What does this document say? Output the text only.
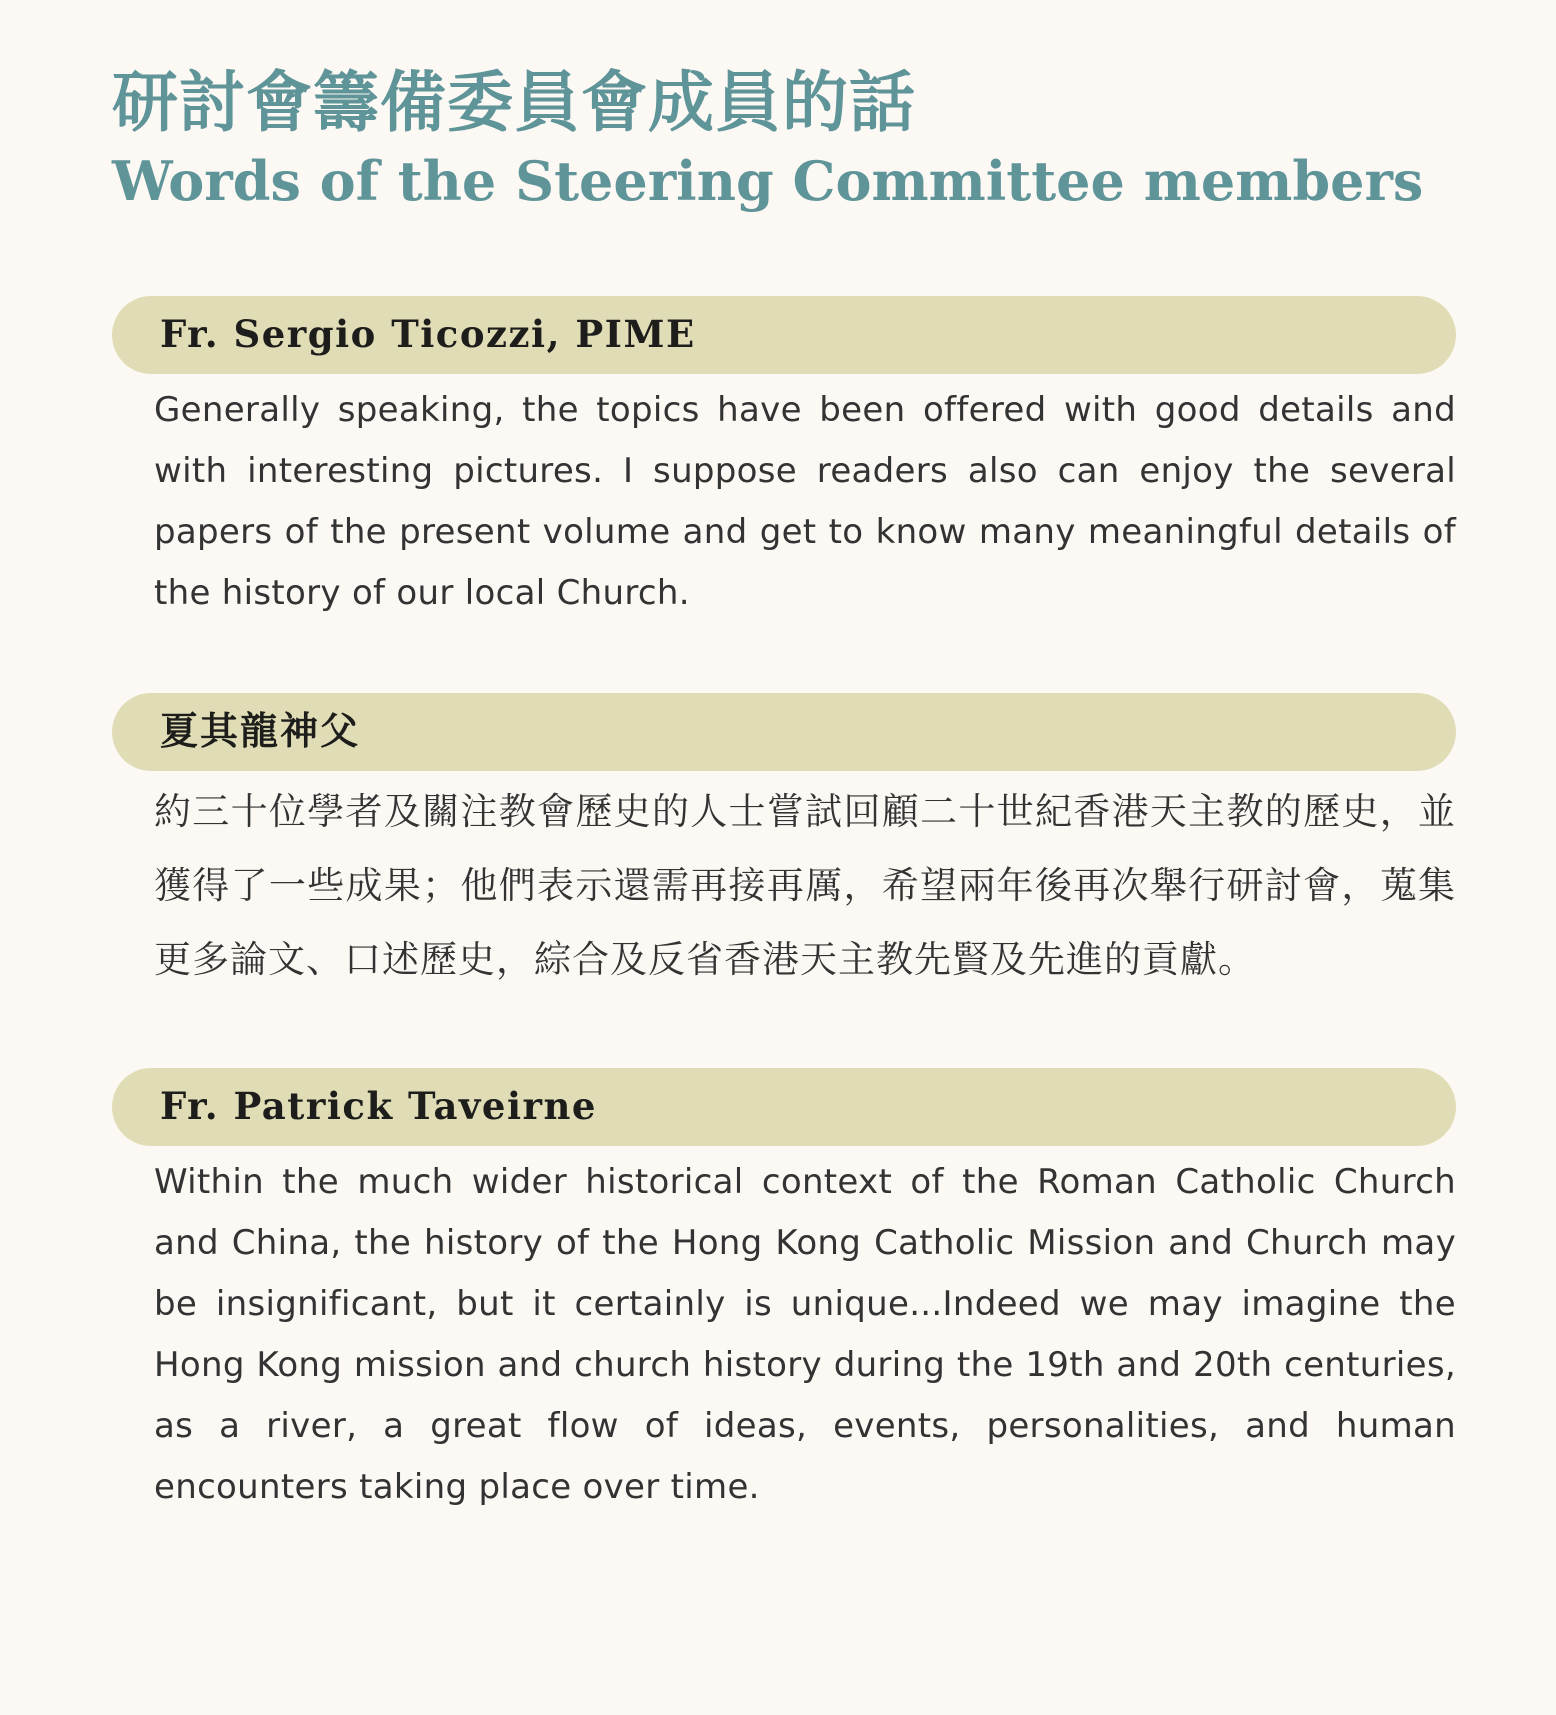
研討會籌備委員會成員的話
Words of the Steering Committee members
Fr. Sergio Ticozzi, PIME

Generally speaking, the topics have been offered with good details and with interesting pictures. I suppose readers also can enjoy the several papers of the present volume and get to know many meaningful details of the history of our local Church.

夏其龍神父

約三十位學者及關注教會歷史的人士嘗試回顧二十世紀香港天主教的歷史，並獲得了一些成果；他們表示還需再接再厲，希望兩年後再次舉行研討會，蒐集更多論文、口述歷史，綜合及反省香港天主教先賢及先進的貢獻。

Fr. Patrick Taveirne

Within the much wider historical context of the Roman Catholic Church and China, the history of the Hong Kong Catholic Mission and Church may be insignificant, but it certainly is unique...Indeed we may imagine the Hong Kong mission and church history during the 19th and 20th centuries, as a river, a great flow of ideas, events, personalities, and human encounters taking place over time.
